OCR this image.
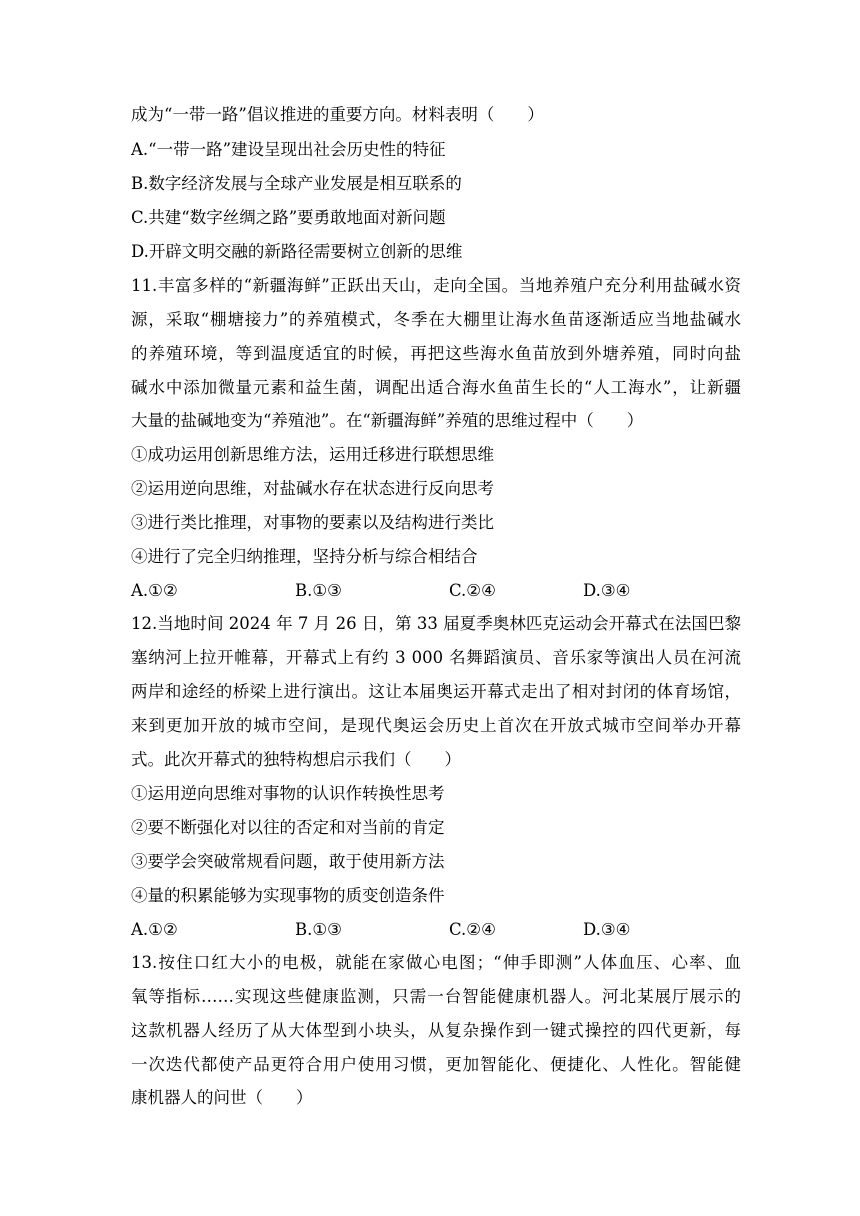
成为“一带一路”倡议推进的重要方向。材料表明（　　）
A.“一带一路”建设呈现出社会历史性的特征
B.数字经济发展与全球产业发展是相互联系的
C.共建“数字丝绸之路”要勇敢地面对新问题
D.开辟文明交融的新路径需要树立创新的思维
11.丰富多样的“新疆海鲜”正跃出天山，走向全国。当地养殖户充分利用盐碱水资
源，采取“棚塘接力”的养殖模式，冬季在大棚里让海水鱼苗逐渐适应当地盐碱水
的养殖环境，等到温度适宜的时候，再把这些海水鱼苗放到外塘养殖，同时向盐
碱水中添加微量元素和益生菌，调配出适合海水鱼苗生长的“人工海水”，让新疆
大量的盐碱地变为“养殖池”。在“新疆海鲜”养殖的思维过程中（　　）
①成功运用创新思维方法，运用迁移进行联想思维
②运用逆向思维，对盐碱水存在状态进行反向思考
③进行类比推理，对事物的要素以及结构进行类比
④进行了完全归纳推理，坚持分析与综合相结合
A.①②	B.①③	C.②④	D.③④
12.当地时间 2024 年 7 月 26 日，第 33 届夏季奥林匹克运动会开幕式在法国巴黎
塞纳河上拉开帷幕，开幕式上有约 3 000 名舞蹈演员、音乐家等演出人员在河流
两岸和途经的桥梁上进行演出。这让本届奥运开幕式走出了相对封闭的体育场馆，
来到更加开放的城市空间，是现代奥运会历史上首次在开放式城市空间举办开幕
式。此次开幕式的独特构想启示我们（　　）
①运用逆向思维对事物的认识作转换性思考
②要不断强化对以往的否定和对当前的肯定
③要学会突破常规看问题，敢于使用新方法
④量的积累能够为实现事物的质变创造条件
A.①②	B.①③	C.②④	D.③④
13.按住口红大小的电极，就能在家做心电图；“伸手即测”人体血压、心率、血
氧等指标……实现这些健康监测，只需一台智能健康机器人。河北某展厅展示的
这款机器人经历了从大体型到小块头，从复杂操作到一键式操控的四代更新，每
一次迭代都使产品更符合用户使用习惯，更加智能化、便捷化、人性化。智能健
康机器人的问世（　　）
